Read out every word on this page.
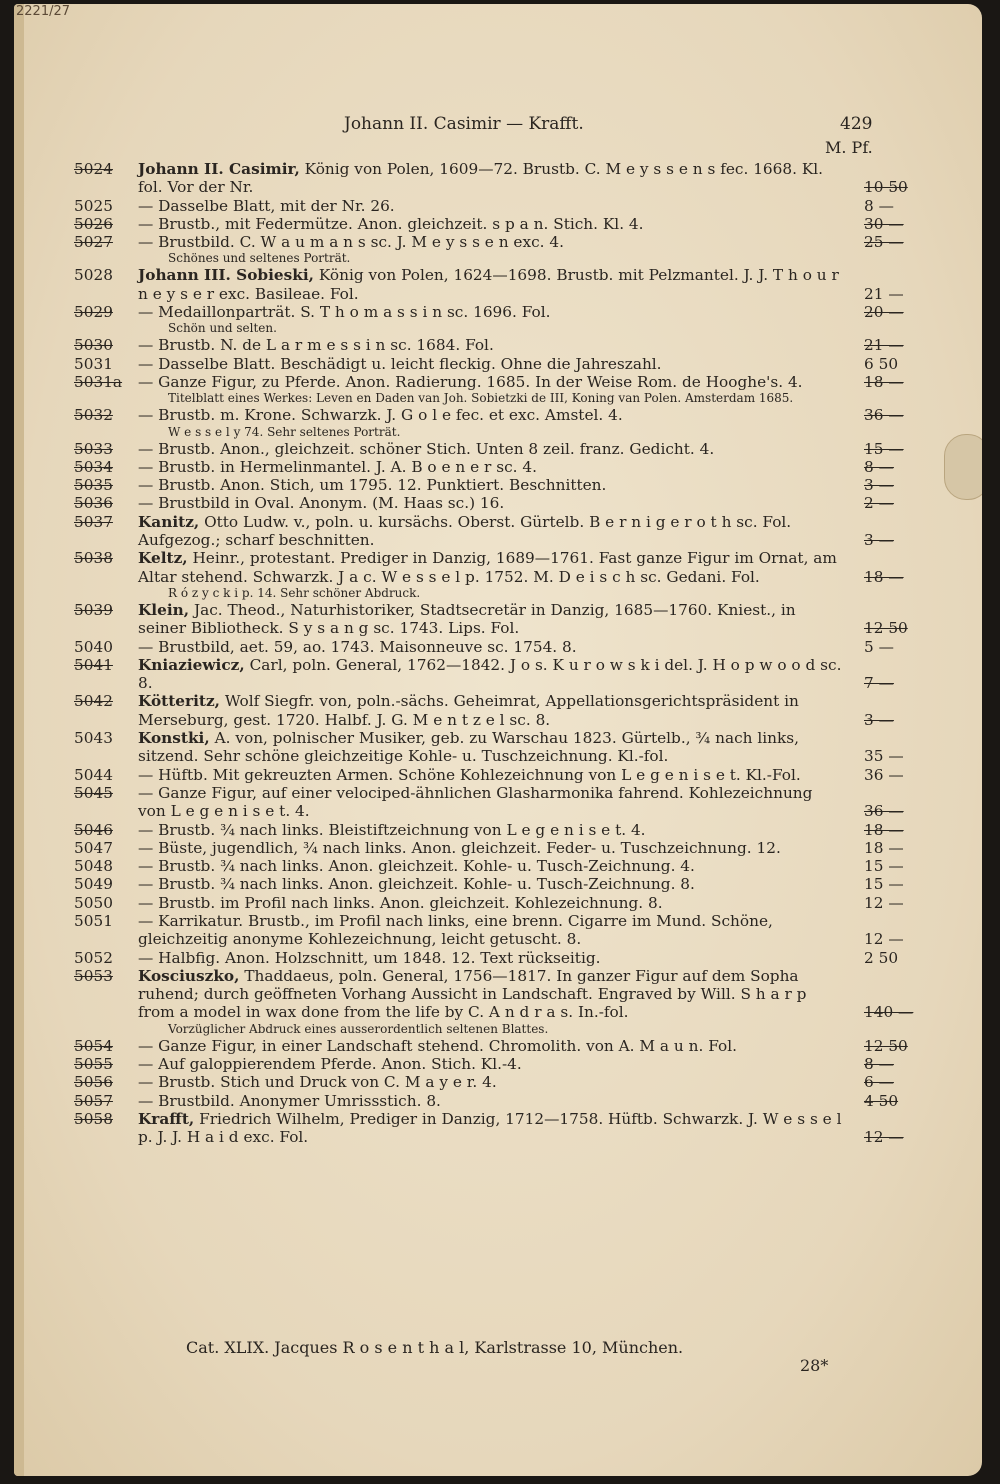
2221/27
Johann II. Casimir — Krafft.	429
M. Pf.
5024	Johann II. Casimir, König von Polen, 1609—72. Brustb. C. M e y s s e n s fec. 1668. Kl. fol. Vor der Nr.	10 50
5025	— Dasselbe Blatt, mit der Nr. 26.	8 —
5026	— Brustb., mit Federmütze. Anon. gleichzeit. s p a n. Stich. Kl. 4.	30 —
5027	— Brustbild. C. W a u m a n s sc. J. M e y s s e n exc. 4.	25 —
Schönes und seltenes Porträt.
5028	Johann III. Sobieski, König von Polen, 1624—1698. Brustb. mit Pelzmantel. J. J. T h o u r n e y s e r exc. Basileae. Fol.	21 —
5029	— Medaillonparträt. S. T h o m a s s i n sc. 1696. Fol.	20 —
Schön und selten.
5030	— Brustb. N. de L a r m e s s i n sc. 1684. Fol.	21 —
5031	— Dasselbe Blatt. Beschädigt u. leicht fleckig. Ohne die Jahreszahl.	6 50
5031a	— Ganze Figur, zu Pferde. Anon. Radierung. 1685. In der Weise Rom. de Hooghe's. 4.	18 —
Titelblatt eines Werkes: Leven en Daden van Joh. Sobietzki de III, Koning van Polen. Amsterdam 1685.
5032	— Brustb. m. Krone. Schwarzk. J. G o l e fec. et exc. Amstel. 4.	36 —
W e s s e l y 74. Sehr seltenes Porträt.
5033	— Brustb. Anon., gleichzeit. schöner Stich. Unten 8 zeil. franz. Gedicht. 4.	15 —
5034	— Brustb. in Hermelinmantel. J. A. B o e n e r sc. 4.	8 —
5035	— Brustb. Anon. Stich, um 1795. 12. Punktiert. Beschnitten.	3 —
5036	— Brustbild in Oval. Anonym. (M. Haas sc.) 16.	2 —
5037	Kanitz, Otto Ludw. v., poln. u. kursächs. Oberst. Gürtelb. B e r n i g e r o t h sc. Fol. Aufgezog.; scharf beschnitten.	3 —
5038	Keltz, Heinr., protestant. Prediger in Danzig, 1689—1761. Fast ganze Figur im Ornat, am Altar stehend. Schwarzk. J a c. W e s s e l p. 1752. M. D e i s c h sc. Gedani. Fol.	18 —
R ó z y c k i p. 14. Sehr schöner Abdruck.
5039	Klein, Jac. Theod., Naturhistoriker, Stadtsecretär in Danzig, 1685—1760. Kniest., in seiner Bibliotheck. S y s a n g sc. 1743. Lips. Fol.	12 50
5040	— Brustbild, aet. 59, ao. 1743. Maisonneuve sc. 1754. 8.	5 —
5041	Kniaziewicz, Carl, poln. General, 1762—1842. J o s. K u r o w s k i del. J. H o p w o o d sc. 8.	7 —
5042	Kötteritz, Wolf Siegfr. von, poln.-sächs. Geheimrat, Appellationsgerichtspräsident in Merseburg, gest. 1720. Halbf. J. G. M e n t z e l sc. 8.	3 —
5043	Konstki, A. von, polnischer Musiker, geb. zu Warschau 1823. Gürtelb., ¾ nach links, sitzend. Sehr schöne gleichzeitige Kohle- u. Tuschzeichnung. Kl.-fol.	35 —
5044	— Hüftb. Mit gekreuzten Armen. Schöne Kohlezeichnung von L e g e n i s e t. Kl.-Fol.	36 —
5045	— Ganze Figur, auf einer velociped-ähnlichen Glasharmonika fahrend. Kohlezeichnung von L e g e n i s e t. 4.	36 —
5046	— Brustb. ¾ nach links. Bleistiftzeichnung von L e g e n i s e t. 4.	18 —
5047	— Büste, jugendlich, ¾ nach links. Anon. gleichzeit. Feder- u. Tuschzeichnung. 12.	18 —
5048	— Brustb. ¾ nach links. Anon. gleichzeit. Kohle- u. Tusch-Zeichnung. 4.	15 —
5049	— Brustb. ¾ nach links. Anon. gleichzeit. Kohle- u. Tusch-Zeichnung. 8.	15 —
5050	— Brustb. im Profil nach links. Anon. gleichzeit. Kohlezeichnung. 8.	12 —
5051	— Karrikatur. Brustb., im Profil nach links, eine brenn. Cigarre im Mund. Schöne, gleichzeitig anonyme Kohlezeichnung, leicht getuscht. 8.	12 —
5052	— Halbfig. Anon. Holzschnitt, um 1848. 12. Text rückseitig.	2 50
5053	Kosciuszko, Thaddaeus, poln. General, 1756—1817. In ganzer Figur auf dem Sopha ruhend; durch geöffneten Vorhang Aussicht in Landschaft. Engraved by Will. S h a r p from a model in wax done from the life by C. A n d r a s. In.-fol.	140 —
Vorzüglicher Abdruck eines ausserordentlich seltenen Blattes.
5054	— Ganze Figur, in einer Landschaft stehend. Chromolith. von A. M a u n. Fol.	12 50
5055	— Auf galoppierendem Pferde. Anon. Stich. Kl.-4.	8 —
5056	— Brustb. Stich und Druck von C. M a y e r. 4.	6 —
5057	— Brustbild. Anonymer Umrissstich. 8.	4 50
5058	Krafft, Friedrich Wilhelm, Prediger in Danzig, 1712—1758. Hüftb. Schwarzk. J. W e s s e l p. J. J. H a i d exc. Fol.	12 —
Cat. XLIX. Jacques R o s e n t h a l, Karlstrasse 10, München.
28*
